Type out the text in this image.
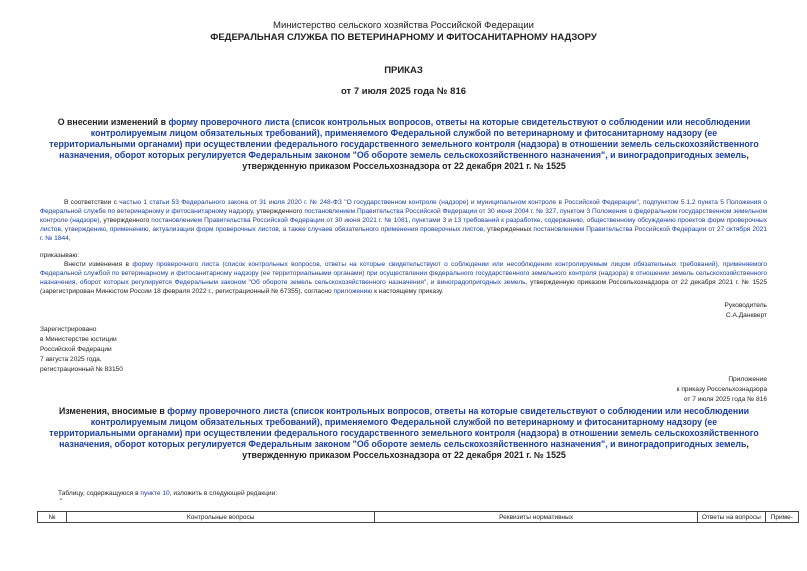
Министерство сельского хозяйства Российской Федерации
ФЕДЕРАЛЬНАЯ СЛУЖБА ПО ВЕТЕРИНАРНОМУ И ФИТОСАНИТАРНОМУ НАДЗОРУ
ПРИКАЗ
от 7 июля 2025 года № 816
О внесении изменений в форму проверочного листа (список контрольных вопросов, ответы на которые свидетельствуют о соблюдении или несоблюдении контролируемым лицом обязательных требований), применяемого Федеральной службой по ветеринарному и фитосанитарному надзору (ее территориальными органами) при осуществлении федерального государственного земельного контроля (надзора) в отношении земель сельскохозяйственного назначения, оборот которых регулируется Федеральным законом "Об обороте земель сельскохозяйственного назначения", и виноградопригодных земель, утвержденную приказом Россельхознадзора от 22 декабря 2021 г. № 1525
В соответствии с частью 1 статьи 53 Федерального закона от 31 июля 2020 г. № 248-ФЗ "О государственном контроле (надзоре) и муниципальном контроле в Российской Федерации", подпунктом 5.1.2 пункта 5 Положения о Федеральной службе по ветеринарному и фитосанитарному надзору, утвержденного постановлением Правительства Российской Федерации от 30 июня 2004 г. № 327, пунктом 3 Положения о федеральном государственном земельном контроле (надзоре), утвержденного постановлением Правительства Российской Федерации от 30 июня 2021 г. № 1081, пунктами 3 и 13 требований к разработке, содержанию, общественному обсуждению проектов форм проверочных листов, утверждению, применению, актуализации форм проверочных листов, а также случаев обязательного применения проверочных листов, утвержденных постановлением Правительства Российской Федерации от 27 октября 2021 г. № 1844,
приказываю:
Внести изменения в форму проверочного листа (список контрольных вопросов, ответы на которые свидетельствуют о соблюдении или несоблюдении контролируемым лицом обязательных требований), применяемого Федеральной службой по ветеринарному и фитосанитарному надзору (ее территориальными органами) при осуществлении федерального государственного земельного контроля (надзора) в отношении земель сельскохозяйственного назначения, оборот которых регулируется Федеральным законом "Об обороте земель сельскохозяйственного назначения", и виноградопригодных земель, утвержденную приказом Россельхознадзора от 22 декабря 2021 г. № 1525 (зарегистрирован Минюстом России 18 февраля 2022 г., регистрационный № 67355), согласно приложению к настоящему приказу.
Руководитель
С.А.Данкверт
Зарегистрировано
в Министерстве юстиции
Российской Федерации
7 августа 2025 года,
регистрационный № 83150
Приложение
к приказу Россельхознадзора
от 7 июля 2025 года № 816
Изменения, вносимые в форму проверочного листа (список контрольных вопросов, ответы на которые свидетельствуют о соблюдении или несоблюдении контролируемым лицом обязательных требований), применяемого Федеральной службой по ветеринарному и фитосанитарному надзору (ее территориальными органами) при осуществлении федерального государственного земельного контроля (надзора) в отношении земель сельскохозяйственного назначения, оборот которых регулируется Федеральным законом "Об обороте земель сельскохозяйственного назначения", и виноградопригодных земель, утвержденную приказом Россельхознадзора от 22 декабря 2021 г. № 1525
Таблицу, содержащуюся в пункте 10, изложить в следующей редакции:
"
№	Контрольные вопросы	Реквизиты нормативных	Ответы на вопросы	Приме-
